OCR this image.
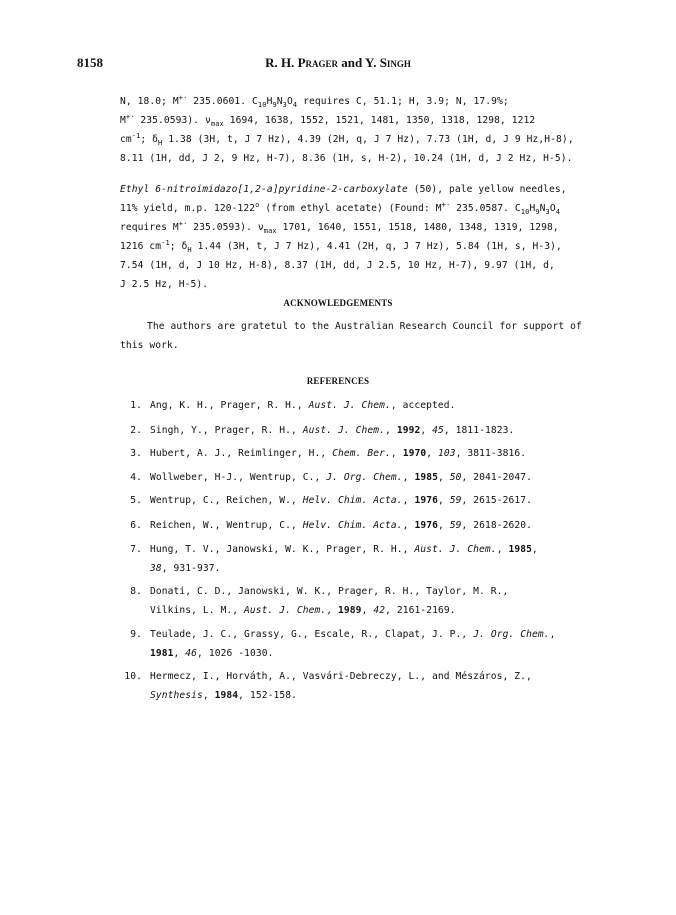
8158	R. H. Prager and Y. Singh
N, 18.0; M+· 235.0601. $C_{10}H_9N_3O_4$ requires C, 51.1; H, 3.9; N, 17.9%;
M+· 235.0593). $\nu_{max}$ 1694, 1638, 1552, 1521, 1481, 1350, 1318, 1298, 1212
$cm^{-1}$; $\delta_H$ 1.38 (3H, t, J 7 Hz), 4.39 (2H, q, J 7 Hz), 7.73 (1H, d, J 9 Hz,H-8),
8.11 (1H, dd, J 2, 9 Hz, H-7), 8.36 (1H, s, H-2), 10.24 (1H, d, J 2 Hz, H-5).
Ethyl 6-nitroimidazo[1,2-a]pyridine-2-carboxylate (50), pale yellow needles,
11% yield, m.p. 120-122$^o$ (from ethyl acetate) (Found: M+· 235.0587. $C_{10}H_9N_3O_4$
requires M+· 235.0593). $\nu_{max}$ 1701, 1640, 1551, 1518, 1480, 1348, 1319, 1298,
1216 $cm^{-1}$; $\delta_H$ 1.44 (3H, t, J 7 Hz), 4.41 (2H, q, J 7 Hz), 5.84 (1H, s, H-3),
7.54 (1H, d, J 10 Hz, H-8), 8.37 (1H, dd, J 2.5, 10 Hz, H-7), 9.97 (1H, d,
J 2.5 Hz, H-5).
ACKNOWLEDGEMENTS
The authors are gratetul to the Australian Research Council for support of
this work.
REFERENCES
1. Ang, K. H., Prager, R. H., Aust. J. Chem., accepted.
2. Singh, Y., Prager, R. H., Aust. J. Chem., 1992, 45, 1811-1823.
3. Hubert, A. J., Reimlinger, H., Chem. Ber., 1970, 103, 3811-3816.
4. Wollweber, H-J., Wentrup, C., J. Org. Chem., 1985, 50, 2041-2047.
5. Wentrup, C., Reichen, W., Helv. Chim. Acta., 1976, 59, 2615-2617.
6. Reichen, W., Wentrup, C., Helv. Chim. Acta., 1976, 59, 2618-2620.
7. Hung, T. V., Janowski, W. K., Prager, R. H., Aust. J. Chem., 1985,
38, 931-937.
8. Donati, C. D., Janowski, W. K., Prager, R. H., Taylor, M. R.,
Vilkins, L. M., Aust. J. Chem., 1989, 42, 2161-2169.
9. Teulade, J. C., Grassy, G., Escale, R., Clapat, J. P., J. Org. Chem.,
1981, 46, 1026 -1030.
10. Hermecz, I., Horváth, A., Vasvári-Debreczy, L., and Mészáros, Z.,
Synthesis, 1984, 152-158.
